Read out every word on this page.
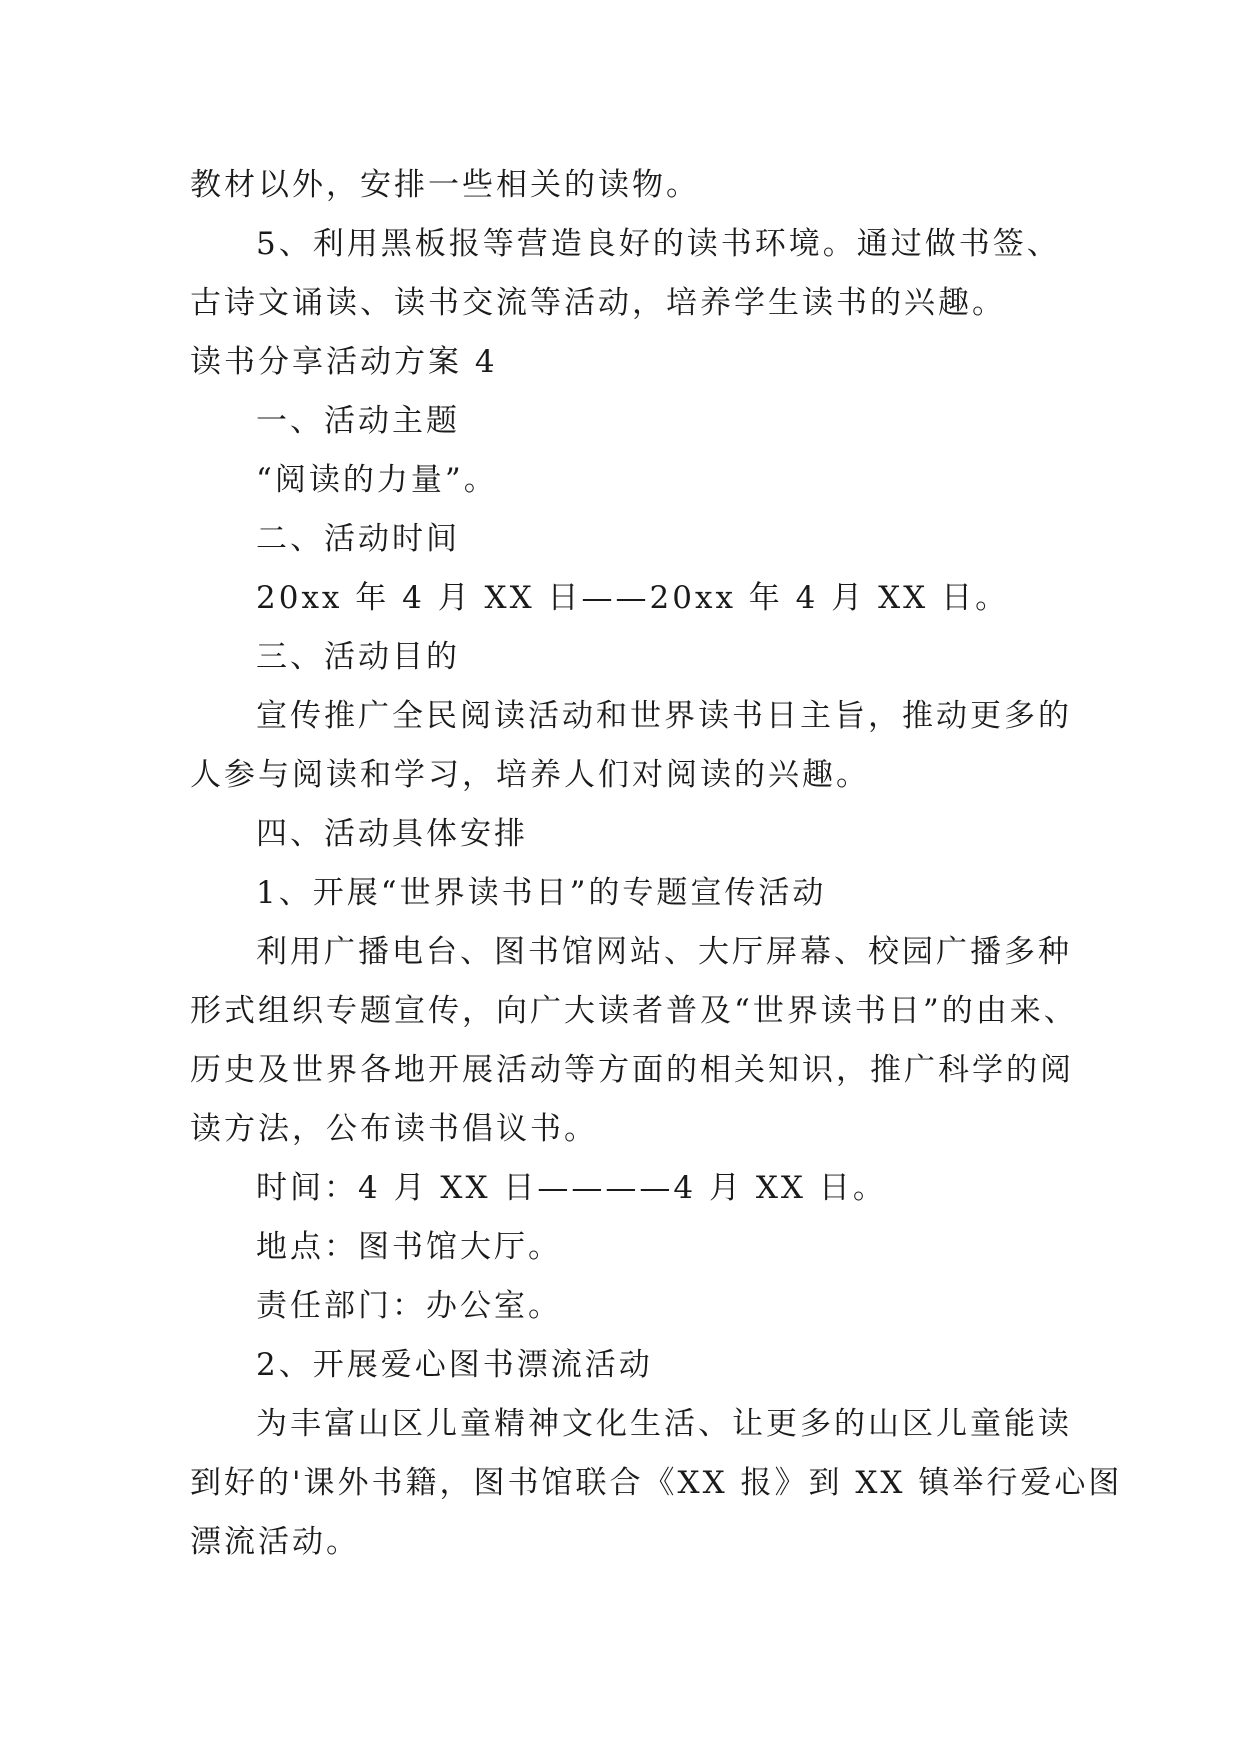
教材以外，安排一些相关的读物。
5、利用黑板报等营造良好的读书环境。通过做书签、
古诗文诵读、读书交流等活动，培养学生读书的兴趣。
读书分享活动方案 4
一、活动主题
“阅读的力量”。
二、活动时间
20xx 年 4 月 XX 日——20xx 年 4 月 XX 日。
三、活动目的
宣传推广全民阅读活动和世界读书日主旨，推动更多的
人参与阅读和学习，培养人们对阅读的兴趣。
四、活动具体安排
1、开展“世界读书日”的专题宣传活动
利用广播电台、图书馆网站、大厅屏幕、校园广播多种
形式组织专题宣传，向广大读者普及“世界读书日”的由来、
历史及世界各地开展活动等方面的相关知识，推广科学的阅
读方法，公布读书倡议书。
时间：4 月 XX 日————4 月 XX 日。
地点：图书馆大厅。
责任部门：办公室。
2、开展爱心图书漂流活动
为丰富山区儿童精神文化生活、让更多的山区儿童能读
到好的'课外书籍，图书馆联合《XX 报》到 XX 镇举行爱心图
漂流活动。
